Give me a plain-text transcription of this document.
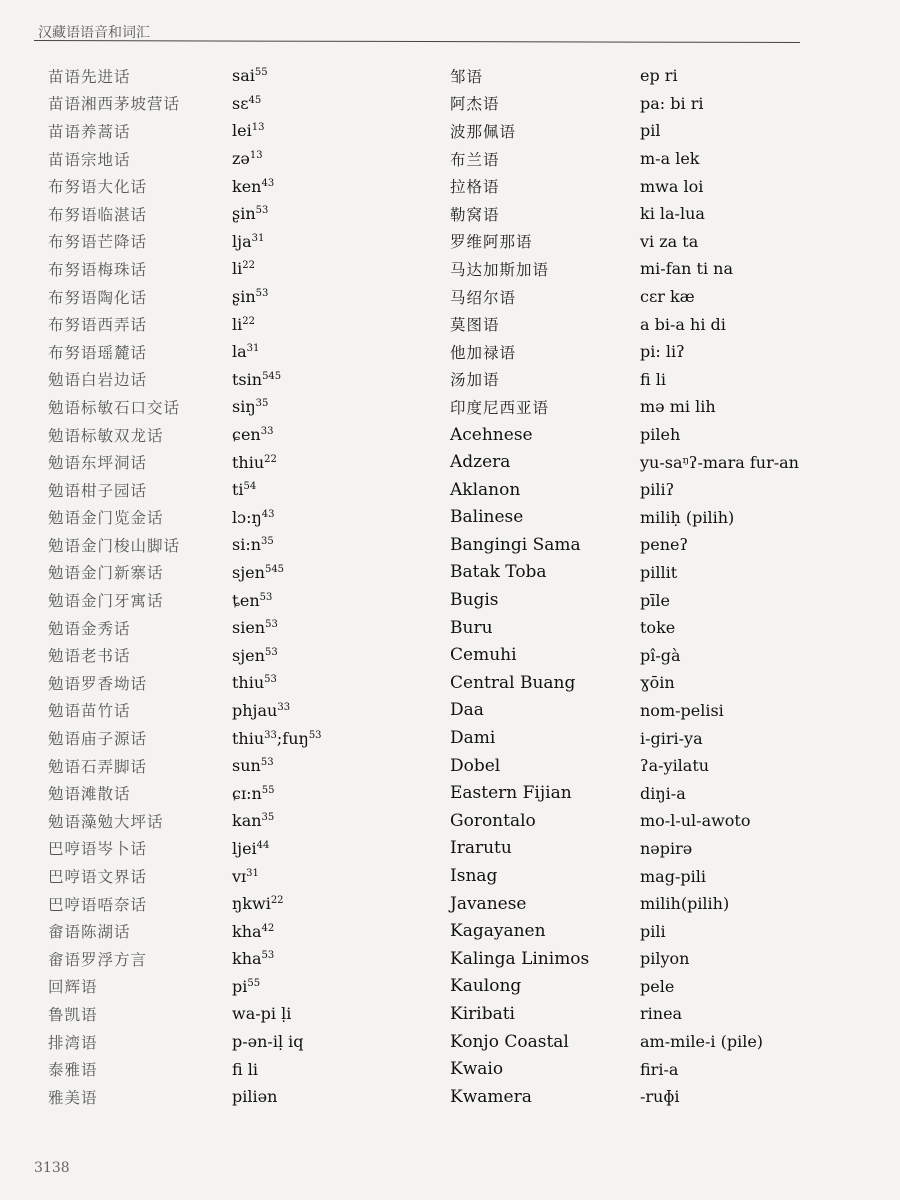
汉藏语语音和词汇
苗语先进话
苗语湘西茅坡营话
苗语养蒿话
苗语宗地话
布努语大化话
布努语临湛话
布努语芒降话
布努语梅珠话
布努语陶化话
布努语西弄话
布努语瑶麓话
勉语白岩边话
勉语标敏石口交话
勉语标敏双龙话
勉语东坪洞话
勉语柑子园话
勉语金门览金话
勉语金门梭山脚话
勉语金门新寨话
勉语金门牙寓话
勉语金秀话
勉语老书话
勉语罗香坳话
勉语苗竹话
勉语庙子源话
勉语石弄脚话
勉语滩散话
勉语藻勉大坪话
巴哼语岑卜话
巴哼语文界话
巴哼语唔奈话
畲语陈湖话
畲语罗浮方言
回辉语
鲁凯语
排湾语
泰雅语
雅美语
sai$^{55}$
sɛ$^{45}$
lei$^{13}$
zə$^{13}$
ken$^{43}$
ʂin$^{53}$
lja$^{31}$
$li^{22}$
ʂin$^{53}$
$li^{22}$
$la^{31}$
tsin$^{545}$
siŋ$^{35}$
ɕen$^{33}$
thiu$^{22}$
$ti^{54}$
$lɔ:ŋ^{43}$
$si:n^{35}$
sjen$^{545}$
ȶen$^{53}$
sien$^{53}$
sjen$^{53}$
thiu$^{53}$
phjau$^{33}$
thiu$^{33}$;fuŋ$^{53}$
sun$^{53}$
$ɕɪ:n^{55}$
kan$^{35}$
ljei$^{44}$
vɪ$^{31}$
ŋkwi$^{22}$
kha$^{42}$
kha$^{53}$
$pi^{55}$
wa-pi ḷi
p-ən-iḷ iq
fi li
piliən
邹语
阿杰语
波那佩语
布兰语
拉格语
勒窝语
罗维阿那语
马达加斯加语
马绍尔语
莫图语
他加禄语
汤加语
印度尼西亚语
Acehnese
Adzera
Aklanon
Balinese
Bangingi Sama
Batak Toba
Bugis
Buru
Cemuhi
Central Buang
Daa
Dami
Dobel
Eastern Fijian
Gorontalo
Irarutu
Isnag
Javanese
Kagayanen
Kalinga Linimos
Kaulong
Kiribati
Konjo Coastal
Kwaio
Kwamera
ep ri
pa: bi ri
pil
m-a lek
mwa loi
ki la-lua
vi za ta
mi-fan ti na
cɛr kæ
a bi-a hi di
pi: liʔ
fi li
mə mi lih
pileh
yu-saᵑʔ-mara fur-an
piliʔ
miliḥ (pilih)
peneʔ
pillit
pīle
toke
pî-gà
ɣōin
nom-pelisi
i-giri-ya
ʔa-yilatu
diŋi-a
mo-l-ul-awoto
nəpirə
mag-pili
milih(pilih)
pili
pilyon
pele
rinea
am-mile-i (pile)
firi-a
-ruɸi
3138
